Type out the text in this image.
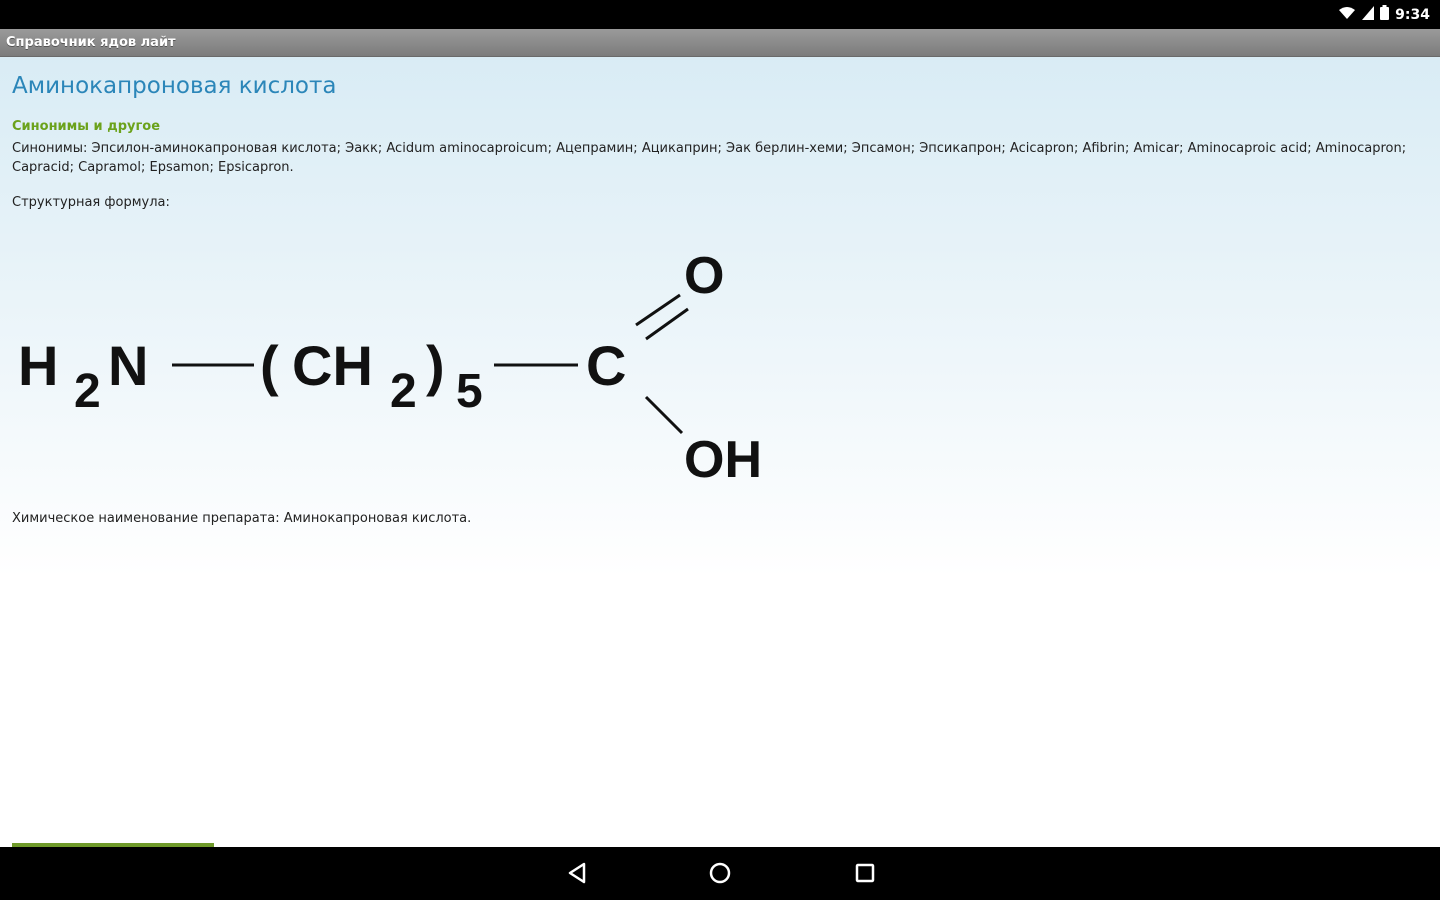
9:34
Справочник ядов лайт
Аминокапроновая кислота
Синонимы и другое
Синонимы: Эпсилон-аминокапроновая кислота; Эакк; Acidum aminocaproicum; Ацепрамин; Ацикаприн; Эак берлин-хеми; Эпсамон; Эпсикапрон; Acicapron; Afibrin; Amicar; Aminocaproic acid; Aminocapron; Capracid; Capramol; Epsamon; Epsicapron.
Структурная формула:
H 2 N ( CH 2 ) 5 C
O
OH
Химическое наименование препарата: Аминокапроновая кислота.
